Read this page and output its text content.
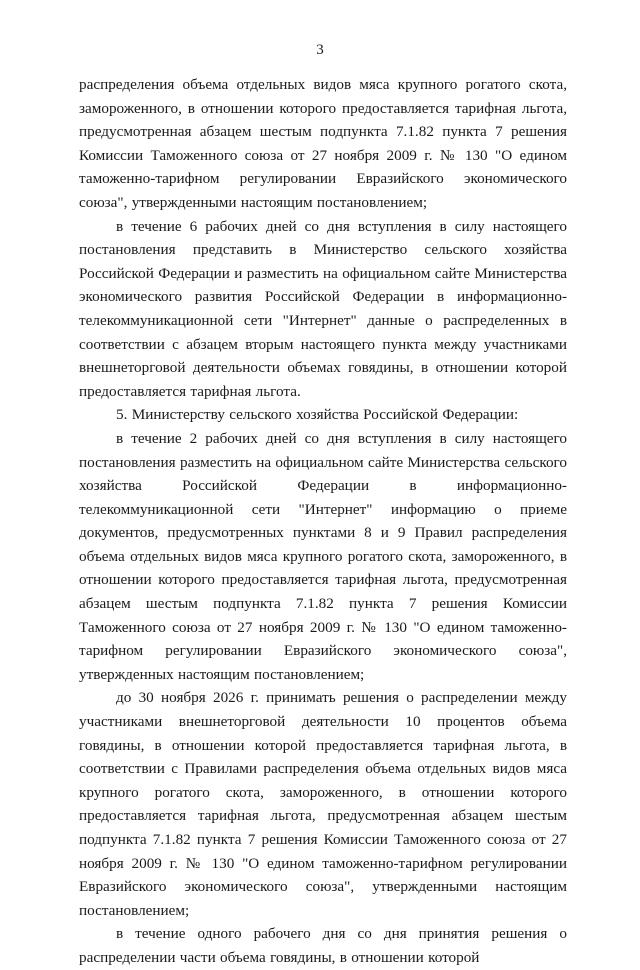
3

распределения объема отдельных видов мяса крупного рогатого скота, замороженного, в отношении которого предоставляется тарифная льгота, предусмотренная абзацем шестым подпункта 7.1.82 пункта 7 решения Комиссии Таможенного союза от 27 ноября 2009 г. № 130 "О едином таможенно-тарифном регулировании Евразийского экономического союза", утвержденными настоящим постановлением;

в течение 6 рабочих дней со дня вступления в силу настоящего постановления представить в Министерство сельского хозяйства Российской Федерации и разместить на официальном сайте Министерства экономического развития Российской Федерации в информационно-телекоммуникационной сети "Интернет" данные о распределенных в соответствии с абзацем вторым настоящего пункта между участниками внешнеторговой деятельности объемах говядины, в отношении которой предоставляется тарифная льгота.

5. Министерству сельского хозяйства Российской Федерации:

в течение 2 рабочих дней со дня вступления в силу настоящего постановления разместить на официальном сайте Министерства сельского хозяйства Российской Федерации в информационно-телекоммуникационной сети "Интернет" информацию о приеме документов, предусмотренных пунктами 8 и 9 Правил распределения объема отдельных видов мяса крупного рогатого скота, замороженного, в отношении которого предоставляется тарифная льгота, предусмотренная абзацем шестым подпункта 7.1.82 пункта 7 решения Комиссии Таможенного союза от 27 ноября 2009 г. № 130 "О едином таможенно-тарифном регулировании Евразийского экономического союза", утвержденных настоящим постановлением;

до 30 ноября 2026 г. принимать решения о распределении между участниками внешнеторговой деятельности 10 процентов объема говядины, в отношении которой предоставляется тарифная льгота, в соответствии с Правилами распределения объема отдельных видов мяса крупного рогатого скота, замороженного, в отношении которого предоставляется тарифная льгота, предусмотренная абзацем шестым подпункта 7.1.82 пункта 7 решения Комиссии Таможенного союза от 27 ноября 2009 г. № 130 "О едином таможенно-тарифном регулировании Евразийского экономического союза", утвержденными настоящим постановлением;

в течение одного рабочего дня со дня принятия решения о распределении части объема говядины, в отношении которой
